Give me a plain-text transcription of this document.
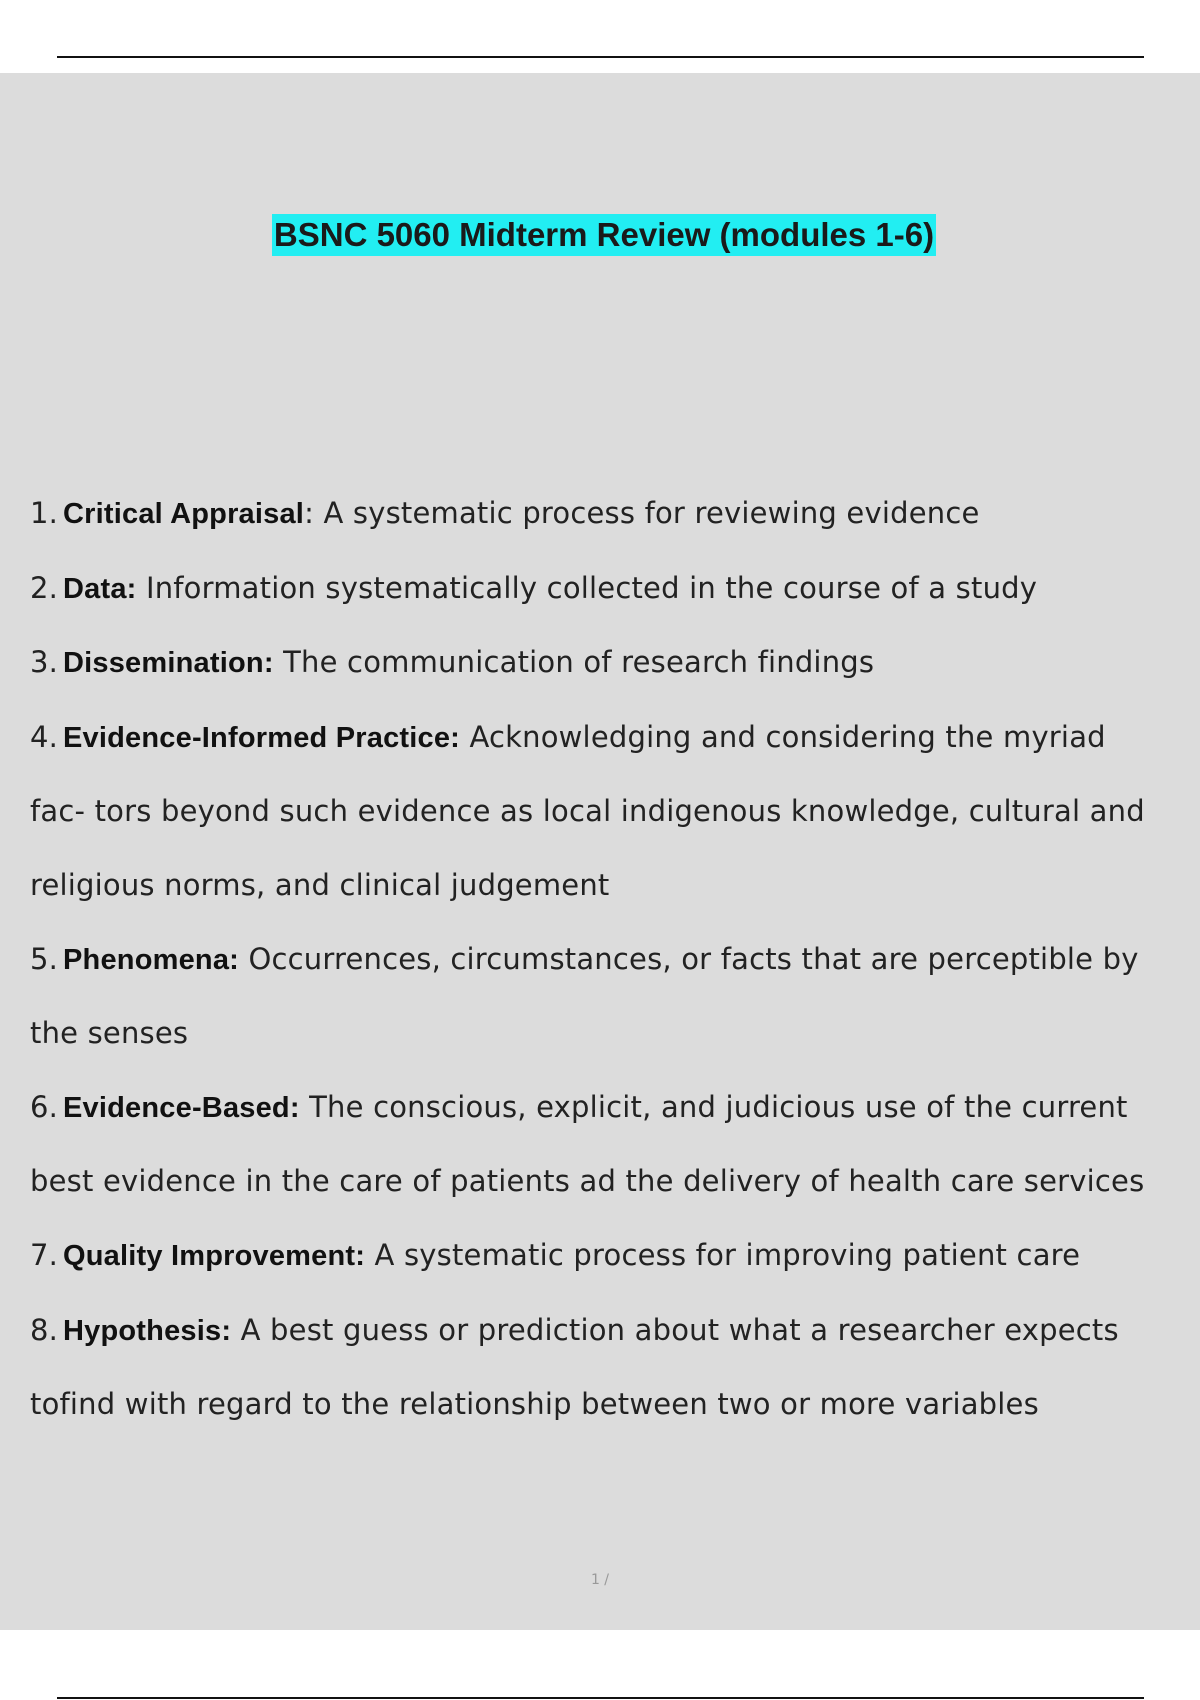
BSNC 5060 Midterm Review (modules 1-6)
1. Critical Appraisal: A systematic process for reviewing evidence
2. Data: Information systematically collected in the course of a study
3. Dissemination: The communication of research findings
4. Evidence-Informed Practice: Acknowledging and considering the myriad fac- tors beyond such evidence as local indigenous knowledge, cultural and religious norms, and clinical judgement
5. Phenomena: Occurrences, circumstances, or facts that are perceptible by the senses
6. Evidence-Based: The conscious, explicit, and judicious use of the current best evidence in the care of patients ad the delivery of health care services
7. Quality Improvement: A systematic process for improving patient care
8. Hypothesis: A best guess or prediction about what a researcher expects tofind with regard to the relationship between two or more variables
1 /
